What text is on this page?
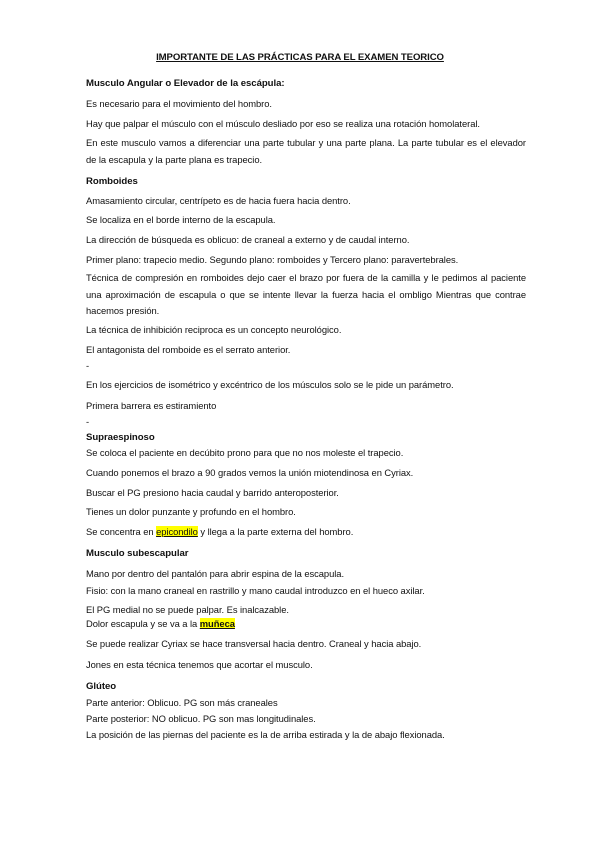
IMPORTANTE DE LAS PRÁCTICAS PARA EL EXAMEN TEORICO
Musculo Angular o Elevador de la escápula:
Es necesario para el movimiento del hombro.
Hay que palpar el músculo con el músculo desliado por eso se realiza una rotación homolateral.
En este musculo vamos a diferenciar una parte tubular y una parte plana. La parte tubular es el elevador de la escapula y la parte plana es trapecio.
Romboides
Amasamiento circular, centrípeto es de hacia fuera hacia dentro.
Se localiza en el borde interno de la escapula.
La dirección de búsqueda es oblicuo: de craneal a externo y de caudal interno.
Primer plano: trapecio medio. Segundo plano: romboides y Tercero plano: paravertebrales.
Técnica de compresión en romboides dejo caer el brazo por fuera de la camilla y le pedimos al paciente una aproximación de escapula o que se intente llevar la fuerza hacia el ombligo Mientras que contrae hacemos presión.
La técnica de inhibición reciproca es un concepto neurológico.
El antagonista del romboide es el serrato anterior.
-
En los ejercicios de isométrico y excéntrico de los músculos solo se le pide un parámetro.
Primera barrera es estiramiento
-
Supraespinoso
Se coloca el paciente en decúbito prono para que no nos moleste el trapecio.
Cuando ponemos el brazo a 90 grados vemos la unión miotendinosa en Cyriax.
Buscar el PG presiono hacia caudal y barrido anteroposterior.
Tienes un dolor punzante y profundo en el hombro.
Se concentra en epicondilo y llega a la parte externa del hombro.
Musculo subescapular
Mano por dentro del pantalón para abrir espina de la escapula.
Fisio: con la mano craneal en rastrillo y mano caudal introduzco en el hueco axilar.
El PG medial no se puede palpar. Es inalcazable.
Dolor escapula y se va a la muñeca
Se puede realizar Cyriax se hace transversal hacia dentro. Craneal y hacia abajo.
Jones en esta técnica tenemos que acortar el musculo.
Glúteo
Parte anterior: Oblicuo. PG son más craneales
Parte posterior: NO oblicuo. PG son mas longitudinales.
La posición de las piernas del paciente es la de arriba estirada y la de abajo flexionada.
